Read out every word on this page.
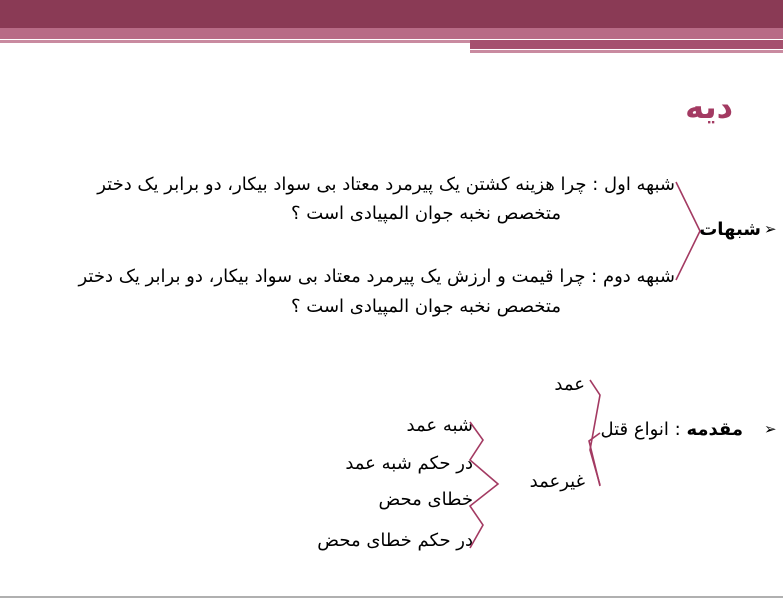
دیه
➢
شبهات
شبهه اول : چرا هزینه کشتن یک پیرمرد معتاد بی سواد بیکار، دو برابر یک دختر
متخصص نخبه جوان المپیادی است ؟
شبهه دوم : چرا قیمت و ارزش یک پیرمرد معتاد بی سواد بیکار، دو برابر یک دختر
متخصص نخبه جوان المپیادی است ؟
➢
مقدمه : انواع قتل
عمد
غیرعمد
شبه عمد
در حکم شبه عمد
خطای محض
در حکم خطای محض
